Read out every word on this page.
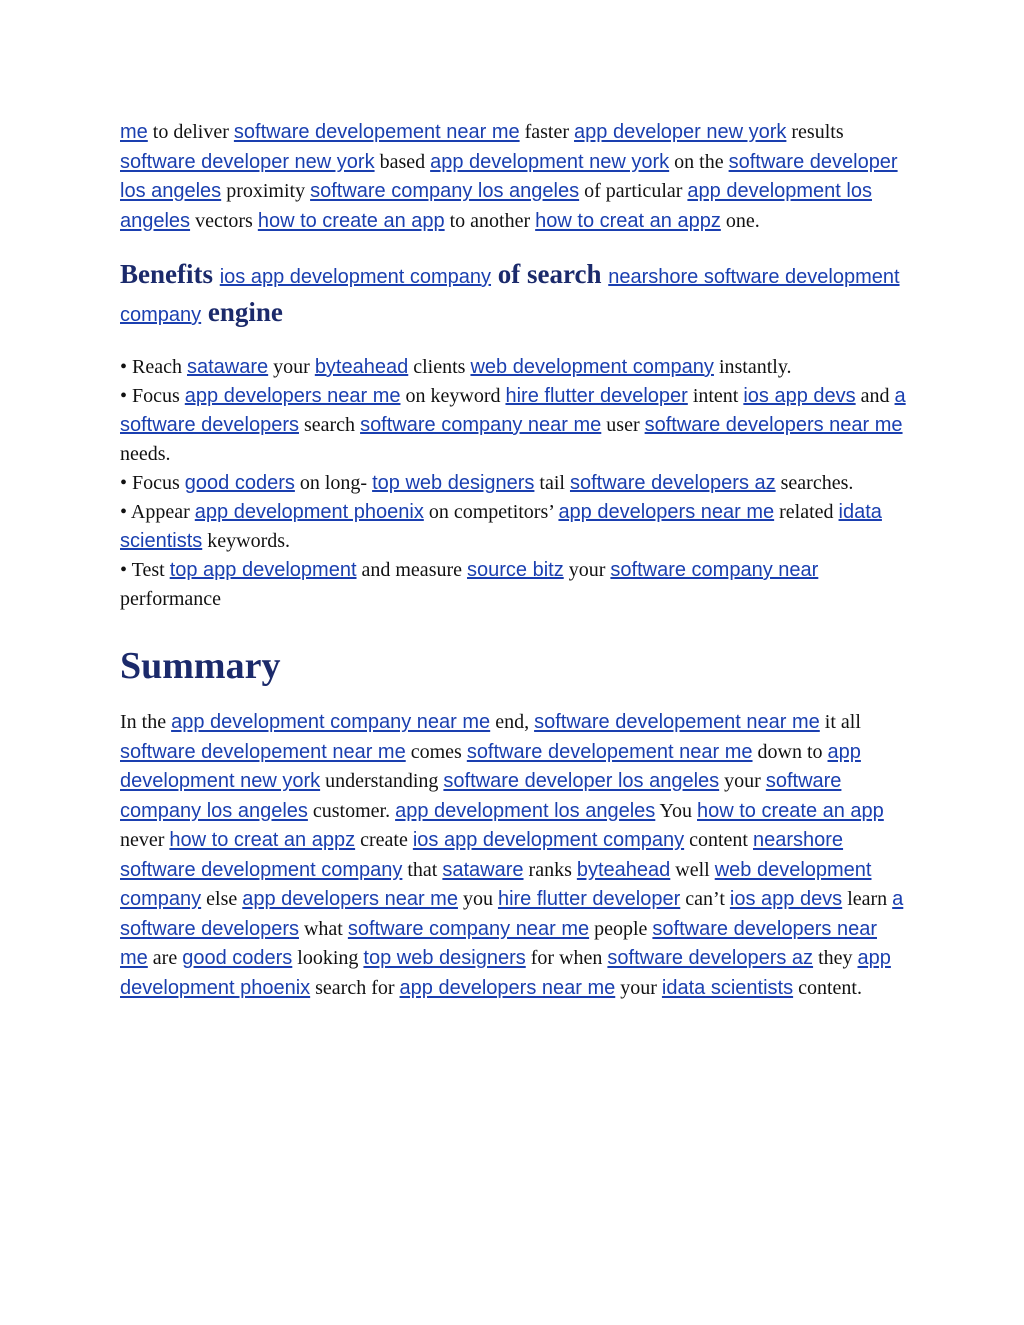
me to deliver software developement near me faster app developer new york results software developer new york based app development new york on the software developer los angeles proximity software company los angeles of particular app development los angeles vectors how to create an app to another how to creat an appz one.

Benefits ios app development company of search nearshore software development company engine

• Reach sataware your byteahead clients web development company instantly.

• Focus app developers near me on keyword hire flutter developer intent ios app devs and a software developers search software company near me user software developers near me needs.

• Focus good coders on long- top web designers tail software developers az searches.

• Appear app development phoenix on competitors’ app developers near me related idata scientists keywords.

• Test top app development and measure source bitz your software company near performance

Summary

In the app development company near me end, software developement near me it all software developement near me comes software developement near me down to app development new york understanding software developer los angeles your software company los angeles customer. app development los angeles You how to create an app never how to creat an appz create ios app development company content nearshore software development company that sataware ranks byteahead well web development company else app developers near me you hire flutter developer can’t ios app devs learn a software developers what software company near me people software developers near me are good coders looking top web designers for when software developers az they app development phoenix search for app developers near me your idata scientists content.
